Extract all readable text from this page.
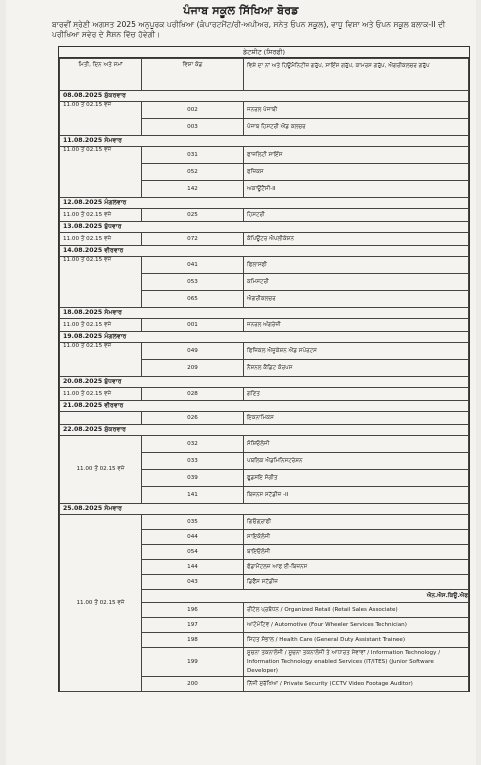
ਪੰਜਾਬ ਸਕੂਲ ਸਿੱਖਿਆ ਬੋਰਡ
ਬਾਰਵੀਂ ਸ੍ਰੇਣੀ ਅਗਸਤ 2025 ਅਨੁਪੂਰਕ ਪਰੀਖਿਆ (ਕੰਪਾਰਟਮੈਂਟ/ਰੀ-ਅਪੀਅਰ, ਸਨੇਤ ਓਪਨ ਸਕੂਲ), ਵਾਧੂ ਵਿਸ਼ਾ ਅਤੇ ਓਪਨ ਸਕੂਲ ਬਲਾਕ-II ਦੀ ਪਰੀਖਿਆ ਸਵੇਰ ਦੇ ਸੈਸ਼ਨ ਵਿੱਚ ਹੋਵੇਗੀ।
ਡੇਟਸ਼ੀਟ (ਸਿਰਫੀ)
ਮਿਤੀ, ਦਿਨ ਅਤੇ ਸਮਾਂ	ਵਿਸ਼ਾ ਕੋਡ	ਵਿਸ਼ੇ ਦਾ ਨਾਂ ਅਤੇ ਹਿਊਮੈਨਿਟੀਜ਼ ਗਰੁੱਪ, ਸਾਇੰਸ ਗਰੁੱਪ, ਕਾਮਰਸ ਗਰੁੱਪ, ਐਗਰੀਕਲਚਰ ਗਰੁੱਪ
08.08.2025 ਸ਼ੁੱਕਰਵਾਰ		
11.00 ਤੋਂ 02.15 ਵਜੇ	002	ਜਨਰਲ ਪੰਜਾਬੀ
	003	ਪੰਜਾਬ ਹਿਸਟਰੀ ਐਂਡ ਕਲਚਰ
11.08.2025 ਸੋਮਵਾਰ		
11.00 ਤੋਂ 02.15 ਵਜੇ	031	ਫਾਜ਼ਲਿਟੀ ਸਾਇੰਸ
	052	ਫਜ਼ਿਕਸ
	142	ਅਕਾਊਂਟੈਂਸੀ-II
12.08.2025 ਮੰਗਲਵਾਰ		
11.00 ਤੋਂ 02.15 ਵਜੇ	025	ਹਿਸਟਰੀ
13.08.2025 ਬੁੱਧਵਾਰ		
11.00 ਤੋਂ 02.15 ਵਜੇ	072	ਕੰਪਿਊਟਰ ਐਪਲੀਕੇਸ਼ਨ
14.08.2025 ਵੀਰਵਾਰ		
11.00 ਤੋਂ 02.15 ਵਜੇ	041	ਫਿਲਾਸਫੀ
	053	ਕਮਿਸਟਰੀ
	065	ਐਗਰੀਕਲਚਰ
18.08.2025 ਸੋਮਵਾਰ		
11.00 ਤੋਂ 02.15 ਵਜੇ	001	ਜਨਰਲ ਅੰਗਰੇਜ਼ੀ
19.08.2025 ਮੰਗਲਵਾਰ		
11.00 ਤੋਂ 02.15 ਵਜੇ	049	ਫਿਜ਼ਿਕਲ ਐਜੂਕੇਸ਼ਨ ਐਂਡ ਸਪੋਰਟਸ
	209	ਨੈਸ਼ਨਲ ਕੈਡਿਟ ਕੋਰਪਸ
20.08.2025 ਬੁੱਧਵਾਰ		
11.00 ਤੋਂ 02.15 ਵਜੇ	028	ਗਣਿਤ
21.08.2025 ਵੀਰਵਾਰ		
	026	ਇਕਨਾਮਿਕਸ
22.08.2025 ਸ਼ੁੱਕਰਵਾਰ		
11.00 ਤੋਂ 02.15 ਵਜੇ	032	ਸੋਸ਼ਿਓਲੋਜੀ
	033	ਪਬਲਿਕ ਐਡਮਿਨਿਸਟਰੇਸ਼ਨ
	039	ਫੂਡਸਇ ਸੰਗੀਤ
	141	ਬਿਜ਼ਨਸ ਸਟੱਡੀਜ਼ -II
25.08.2025 ਸੋਮਵਾਰ		
11.00 ਤੋਂ 02.15 ਵਜੇ	035	ਗਿਓਗ੍ਰਾਫੀ
	044	ਸਾਇਕੋਲੋਜੀ
	054	ਬਾਇਓਲੋਜੀ
	144	ਫੰਡਾਮੈਂਟਲਜ਼ ਆਫ ਈ-ਬਿਜ਼ਨਸ
	043	ਡਿਫੈਂਸ ਸਟੱਡੀਜ਼
	ਐਨ.ਐਸ.ਕਿਊ.ਐਫ	
	196	ਰੀਟੇਲ ਪ੍ਰਬੰਧਨ / Organized Retail (Retail Sales Associate)
	197	ਆਟੋਮੋਟਿਵ / Automotive (Four Wheeler Services Technician)
	198	ਸਿਹਤ ਸੰਭਾਲ / Health Care (General Duty Assistant Trainee)
	199	ਸੂਚਨਾ ਤਕਨਾਲੋਜੀ / ਸੂਚਨਾ ਤਕਨਾਲੋਜੀ ਤੇ ਆਧਾਰਤ ਸੇਵਾਵਾਂ / Information Technology / Information Technology enabled Services (IT/ITES) (Junior Software Developer)
	200	ਨਿੱਜੀ ਸੁਰੱਖਿਆ / Private Security (CCTV Video Footage Auditor)
